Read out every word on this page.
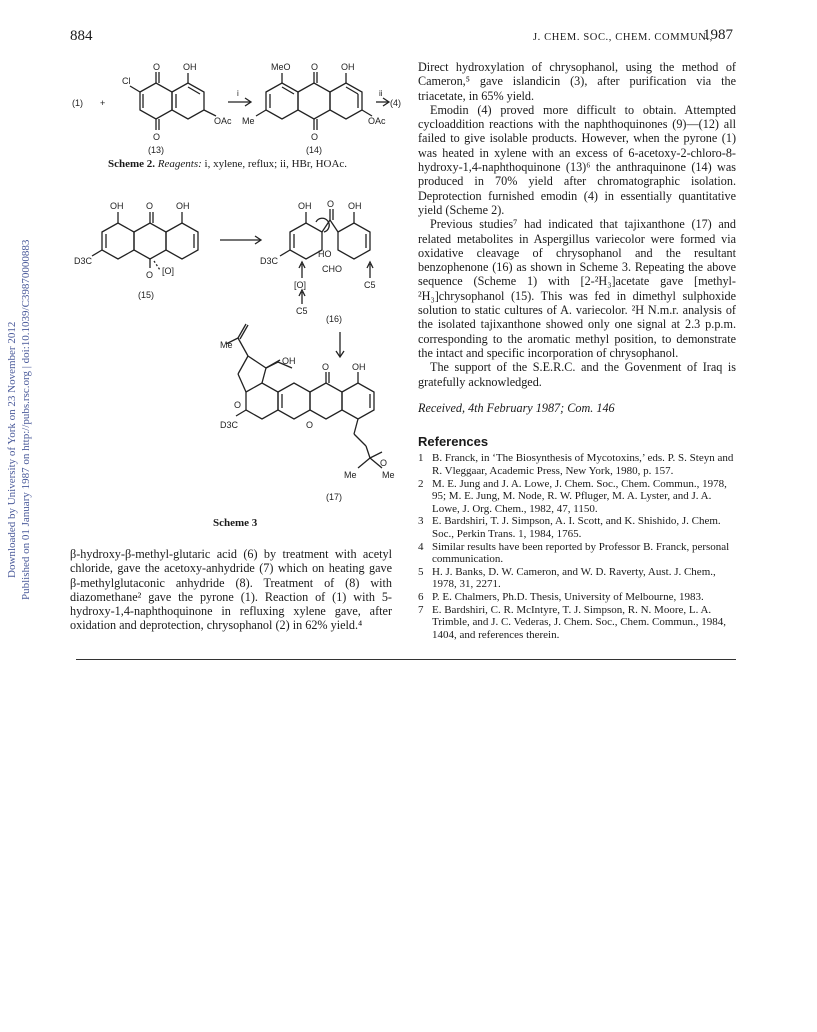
884	J. CHEM. SOC., CHEM. COMMUN.,
1987
Downloaded by University of York on 23 November 2012 Published on 01 January 1987 on http://pubs.rsc.org | doi:10.1039/C39870000883
(1) +
Cl
O	OH
O
OAc
i
MeO O	OH
O
Me	OAc
ii
(4)
(13)	(14)
Scheme 2. Reagents: i, xylene, reflux; ii, HBr, HOAc.
OH	O	OH
D3C
O [O]
(15)
OH O OH
D3C
HO
CHO
[O]	C5
C5
(16)
Me
OH
O	OH
O
O
D3C
O
Me	Me
(17)
Scheme 3
β-hydroxy-β-methyl-glutaric acid (6) by treatment with acetyl chloride, gave the acetoxy-anhydride (7) which on heating gave β-methylglutaconic anhydride (8). Treatment of (8) with diazomethane² gave the pyrone (1). Reaction of (1) with 5-hydroxy-1,4-naphthoquinone in refluxing xylene gave, after oxidation and deprotection, chrysophanol (2) in 62% yield.⁴

Direct hydroxylation of chrysophanol, using the method of Cameron,⁵ gave islandicin (3), after purification via the triacetate, in 65% yield.

Emodin (4) proved more difficult to obtain. Attempted cycloaddition reactions with the naphthoquinones (9)—(12) all failed to give isolable products. However, when the pyrone (1) was heated in xylene with an excess of 6-acetoxy-2-chloro-8-hydroxy-1,4-naphthoquinone (13)⁶ the anthraquinone (14) was produced in 70% yield after chromatographic isolation. Deprotection furnished emodin (4) in essentially quantitative yield (Scheme 2).

Previous studies⁷ had indicated that tajixanthone (17) and related metabolites in Aspergillus variecolor were formed via oxidative cleavage of chrysophanol and the resultant benzophenone (16) as shown in Scheme 3. Repeating the above sequence (Scheme 1) with [2-²H₃]acetate gave [methyl-²H₃]chrysophanol (15). This was fed in dimethyl sulphoxide solution to static cultures of A. variecolor. ²H N.m.r. analysis of the isolated tajixanthone showed only one signal at 2.3 p.p.m. corresponding to the aromatic methyl position, to demonstrate the intact and specific incorporation of chrysophanol.

The support of the S.E.R.C. and the Govenment of Iraq is gratefully acknowledged.

Received, 4th February 1987; Com. 146

References

1 B. Franck, in ‘The Biosynthesis of Mycotoxins,’ eds. P. S. Steyn and R. Vleggaar, Academic Press, New York, 1980, p. 157.

2 M. E. Jung and J. A. Lowe, J. Chem. Soc., Chem. Commun., 1978, 95; M. E. Jung, M. Node, R. W. Pfluger, M. A. Lyster, and J. A. Lowe, J. Org. Chem., 1982, 47, 1150.

3 E. Bardshiri, T. J. Simpson, A. I. Scott, and K. Shishido, J. Chem. Soc., Perkin Trans. 1, 1984, 1765.

4 Similar results have been reported by Professor B. Franck, personal communication.

5 H. J. Banks, D. W. Cameron, and W. D. Raverty, Aust. J. Chem., 1978, 31, 2271.

6 P. E. Chalmers, Ph.D. Thesis, University of Melbourne, 1983.

7 E. Bardshiri, C. R. McIntyre, T. J. Simpson, R. N. Moore, L. A. Trimble, and J. C. Vederas, J. Chem. Soc., Chem. Commun., 1984, 1404, and references therein.
